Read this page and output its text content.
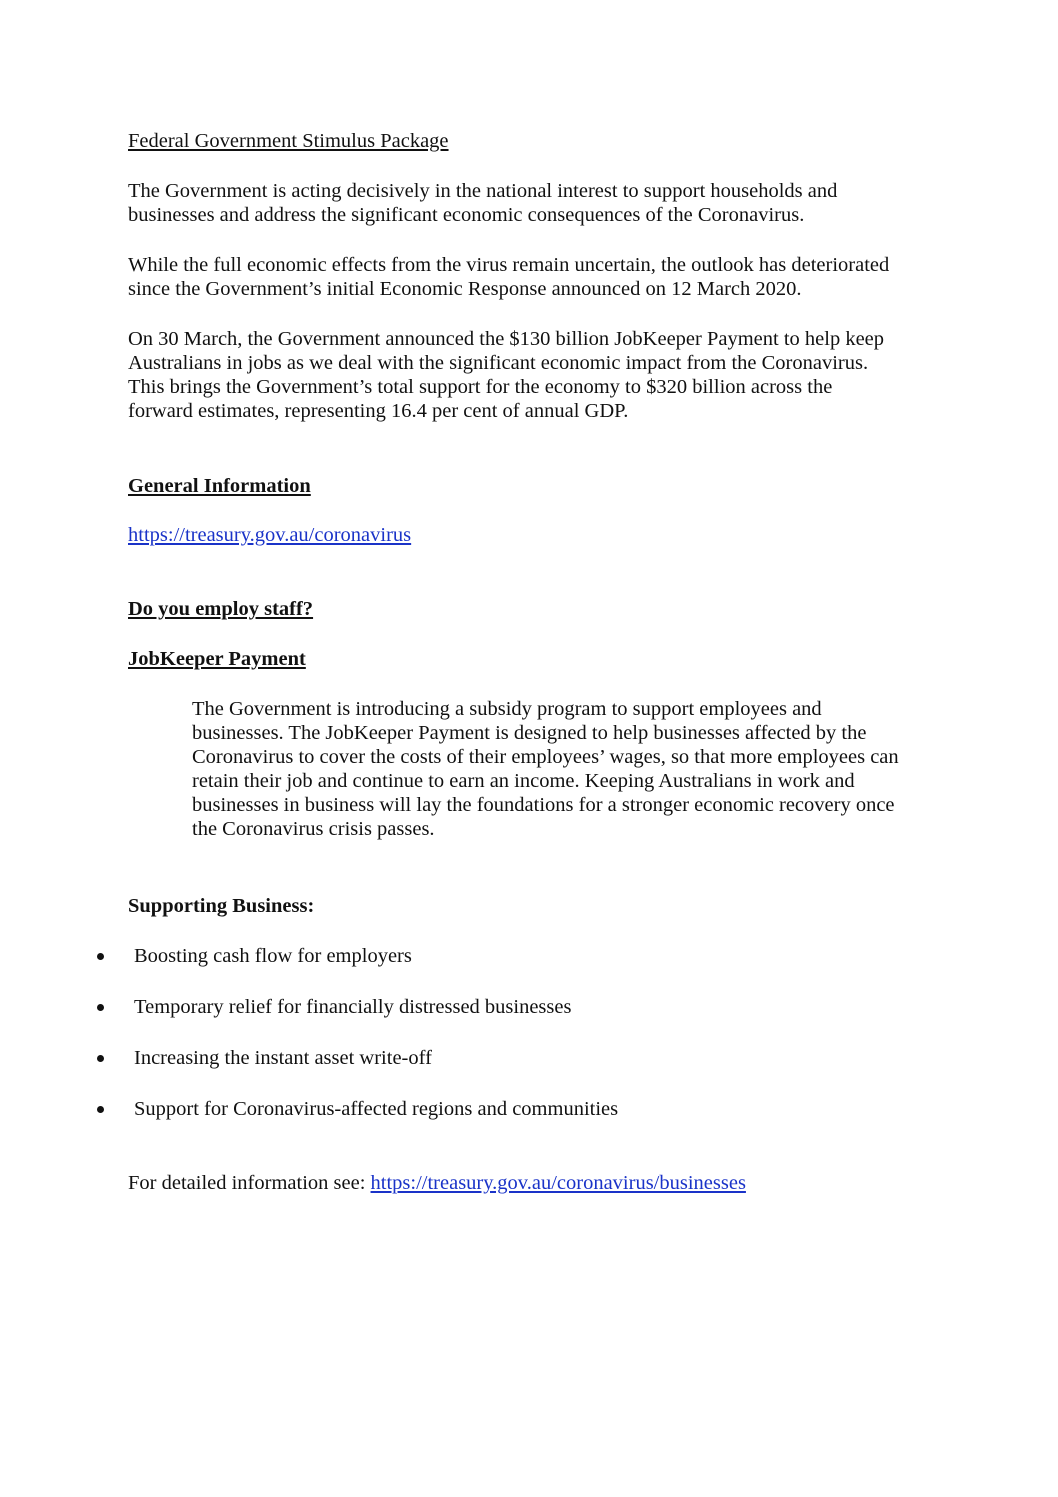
Federal Government Stimulus Package
The Government is acting decisively in the national interest to support households and
businesses and address the significant economic consequences of the Coronavirus.
While the full economic effects from the virus remain uncertain, the outlook has deteriorated
since the Government’s initial Economic Response announced on 12 March 2020.
On 30 March, the Government announced the $130 billion JobKeeper Payment to help keep
Australians in jobs as we deal with the significant economic impact from the Coronavirus.
This brings the Government’s total support for the economy to $320 billion across the
forward estimates, representing 16.4 per cent of annual GDP.
General Information
https://treasury.gov.au/coronavirus
Do you employ staff?
JobKeeper Payment
The Government is introducing a subsidy program to support employees and
businesses. The JobKeeper Payment is designed to help businesses affected by the
Coronavirus to cover the costs of their employees’ wages, so that more employees can
retain their job and continue to earn an income. Keeping Australians in work and
businesses in business will lay the foundations for a stronger economic recovery once
the Coronavirus crisis passes.
Supporting Business:
Boosting cash flow for employers
Temporary relief for financially distressed businesses
Increasing the instant asset write-off
Support for Coronavirus-affected regions and communities
For detailed information see: https://treasury.gov.au/coronavirus/businesses
